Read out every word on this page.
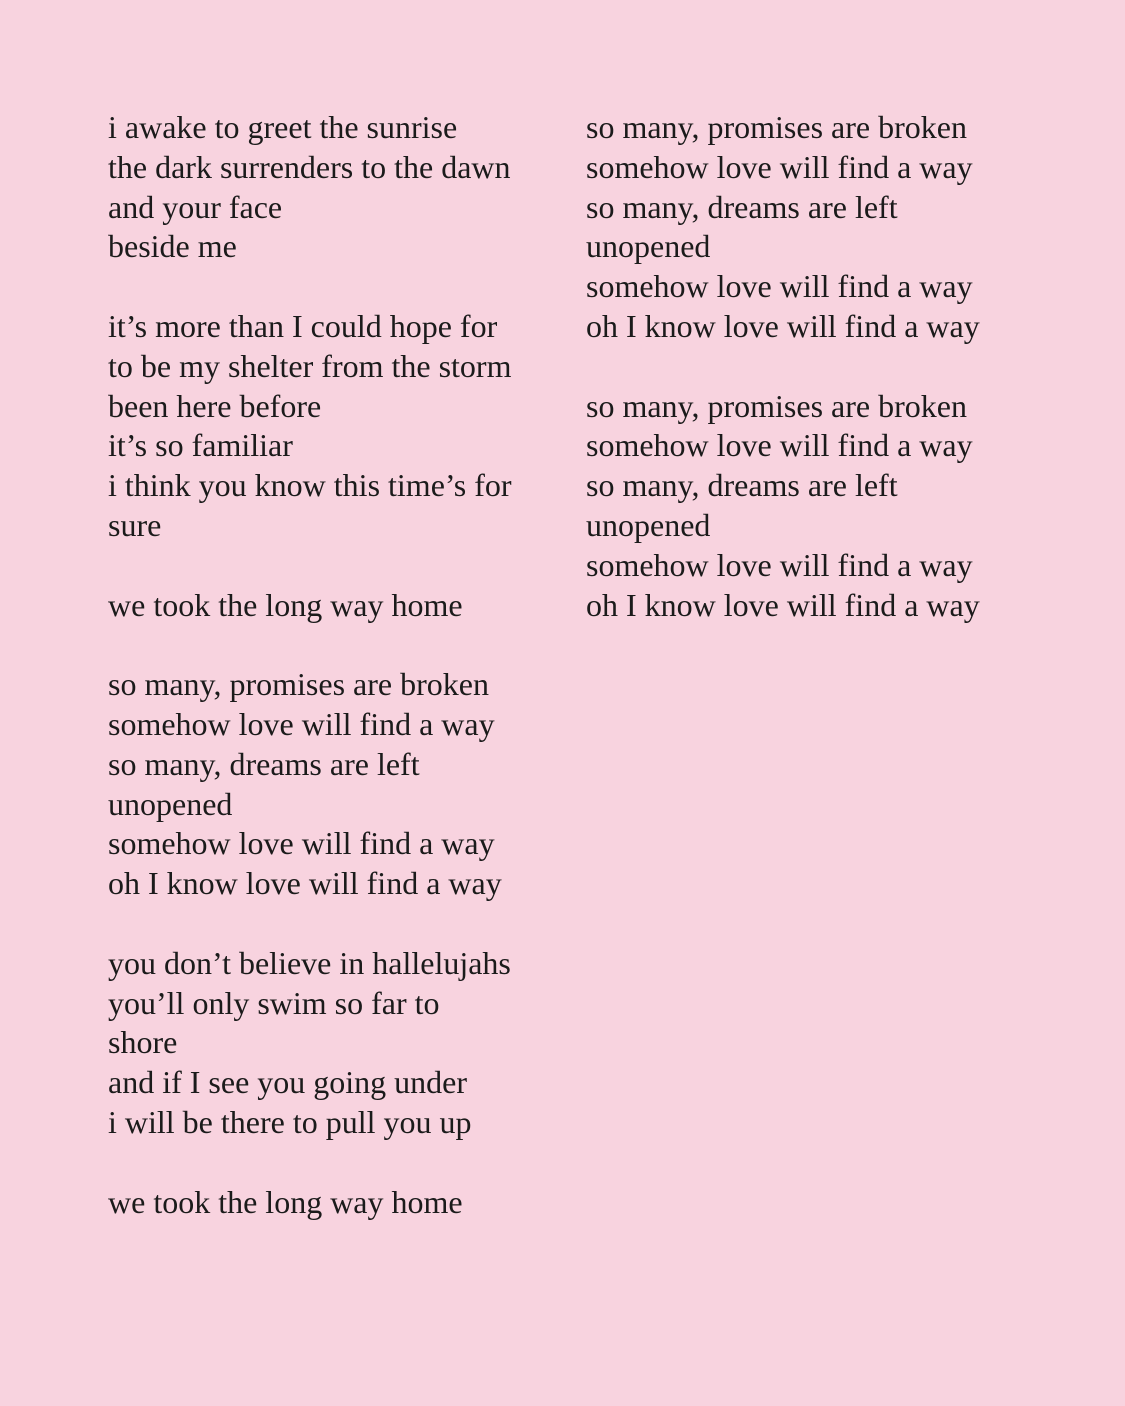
i awake to greet the sunrise
the dark surrenders to the dawn
and your face
beside me
it’s more than I could hope for
to be my shelter from the storm
been here before
it’s so familiar
i think you know this time’s for
sure
we took the long way home
so many, promises are broken
somehow love will find a way
so many, dreams are left
unopened
somehow love will find a way
oh I know love will find a way
you don’t believe in hallelujahs
you’ll only swim so far to
shore
and if I see you going under
i will be there to pull you up
we took the long way home
so many, promises are broken
somehow love will find a way
so many, dreams are left
unopened
somehow love will find a way
oh I know love will find a way
so many, promises are broken
somehow love will find a way
so many, dreams are left
unopened
somehow love will find a way
oh I know love will find a way
